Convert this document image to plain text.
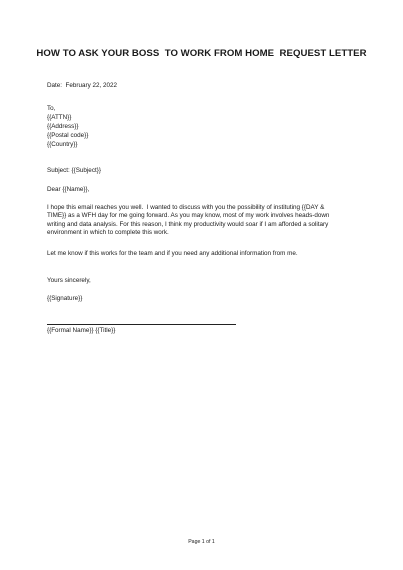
HOW TO ASK YOUR BOSS  TO WORK FROM HOME  REQUEST LETTER
Date:  February 22, 2022
To,
{{ATTN}}
{{Address}}
{{Postal code}}
{{Country}}
Subject: {{Subject}}
Dear {{Name}},
I hope this email reaches you well.  I wanted to discuss with you the possibility of instituting {{DAY &
TIME}} as a WFH day for me going forward. As you may know, most of my work involves heads-down
writing and data analysis. For this reason, I think my productivity would soar if I am afforded a solitary
environment in which to complete this work.
Let me know if this works for the team and if you need any additional information from me.
Yours sincerely,
{{Signature}}
{{Formal Name}} {{Title}}
Page 1 of 1
